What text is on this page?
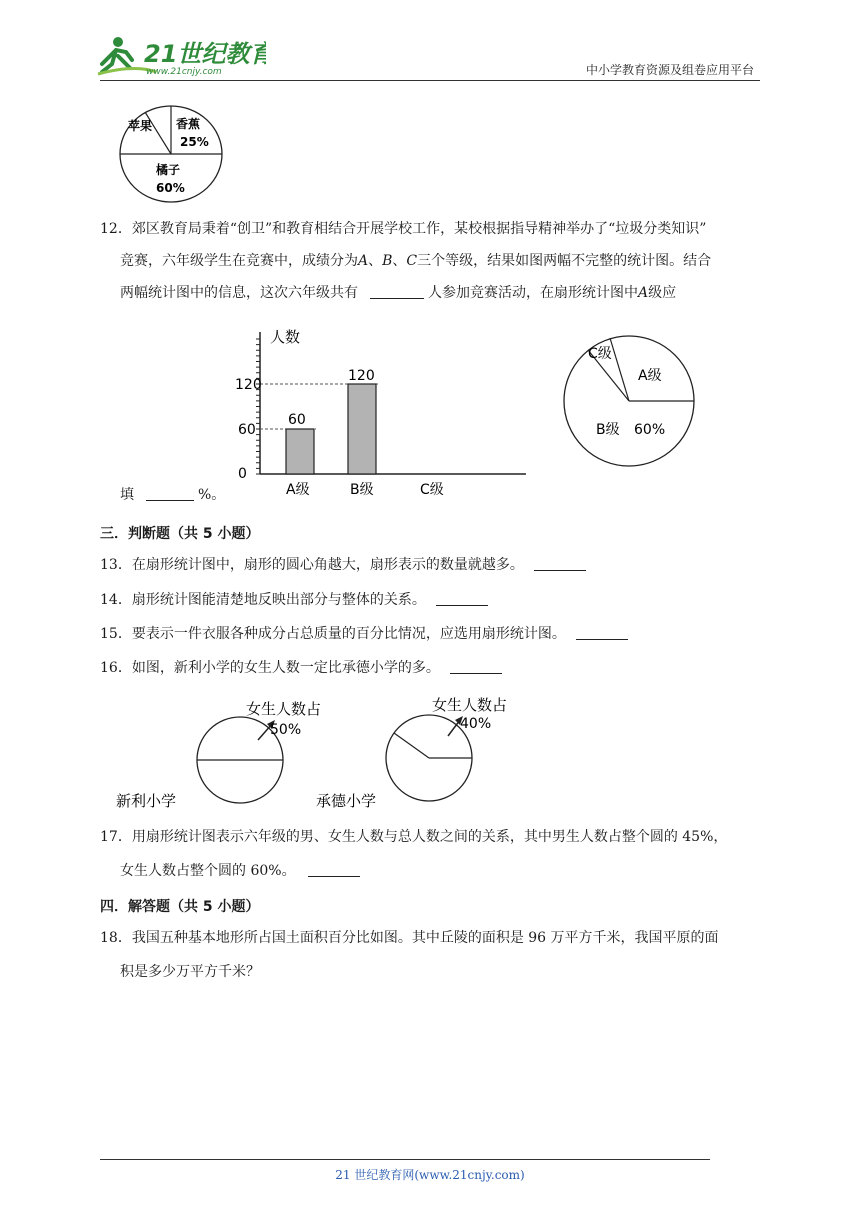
21世纪教育
www.21cnjy.com	中小学教育资源及组卷应用平台
苹果 香蕉
25%
橘子
60%
12．郊区教育局秉着“创卫”和教育相结合开展学校工作，某校根据指导精神举办了“垃圾分类知识”
竞赛，六年级学生在竞赛中，成绩分为A、B、C三个等级，结果如图两幅不完整的统计图。结合
两幅统计图中的信息，这次六年级共有	人参加竞赛活动，在扇形统计图中A级应
人数
120
60
0
60
120
A级	B级	C级
C级
A级
B级 60%
填	%。
三．判断题（共 5 小题）
13．在扇形统计图中，扇形的圆心角越大，扇形表示的数量就越多。
14．扇形统计图能清楚地反映出部分与整体的关系。
15．要表示一件衣服各种成分占总质量的百分比情况，应选用扇形统计图。
16．如图，新利小学的女生人数一定比承德小学的多。
女生人数占
50%
新利小学
女生人数占
40%
承德小学
17．用扇形统计图表示六年级的男、女生人数与总人数之间的关系，其中男生人数占整个圆的 45%，
女生人数占整个圆的 60%。
四．解答题（共 5 小题）
18．我国五种基本地形所占国土面积百分比如图。其中丘陵的面积是 96 万平方千米，我国平原的面
积是多少万平方千米？
21 世纪教育网(www.21cnjy.com)
